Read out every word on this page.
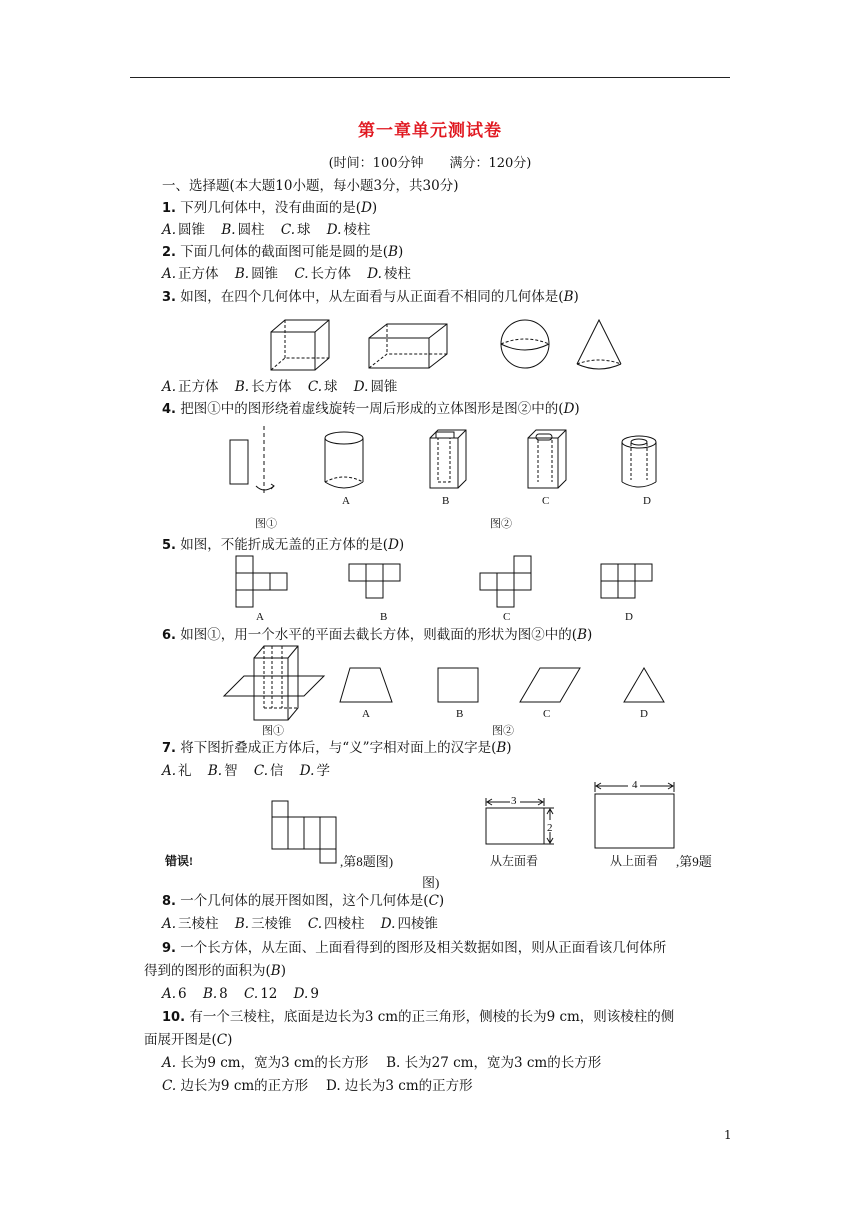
第一章单元测试卷
(时间：100分钟　　满分：120分)
一、选择题(本大题10小题，每小题3分，共30分)
1. 下列几何体中，没有曲面的是(D)
A. 圆锥 B. 圆柱 C. 球 D. 棱柱
2. 下面几何体的截面图可能是圆的是(B)
A. 正方体 B. 圆锥 C. 长方体 D. 棱柱
3. 如图，在四个几何体中，从左面看与从正面看不相同的几何体是(B)
A. 正方体 B. 长方体 C. 球 D. 圆锥
4. 把图①中的图形绕着虚线旋转一周后形成的立体图形是图②中的(D)
A	B	C	D
图①	图②
5. 如图，不能折成无盖的正方体的是(D)
A	B	C	D
6. 如图①，用一个水平的平面去截长方体，则截面的形状为图②中的(B)
A	B	C	D
图①	图②
7. 将下图折叠成正方体后，与“义”字相对面上的汉字是(B)
A. 礼 B. 智 C. 信 D. 学
错误!	,第8题图)
3
2
从左面看
4
从上面看 ,第9题
图)
8. 一个几何体的展开图如图，这个几何体是(C)
A. 三棱柱 B. 三棱锥 C. 四棱柱 D. 四棱锥
9. 一个长方体，从左面、上面看得到的图形及相关数据如图，则从正面看该几何体所
得到的图形的面积为(B)
A. 6 B. 8 C. 12 D. 9
10. 有一个三棱柱，底面是边长为3 cm的正三角形，侧棱的长为9 cm，则该棱柱的侧
面展开图是(C)
A. 长为9 cm，宽为3 cm的长方形　 B. 长为27 cm，宽为3 cm的长方形
C. 边长为9 cm的正方形　 D. 边长为3 cm的正方形
1
